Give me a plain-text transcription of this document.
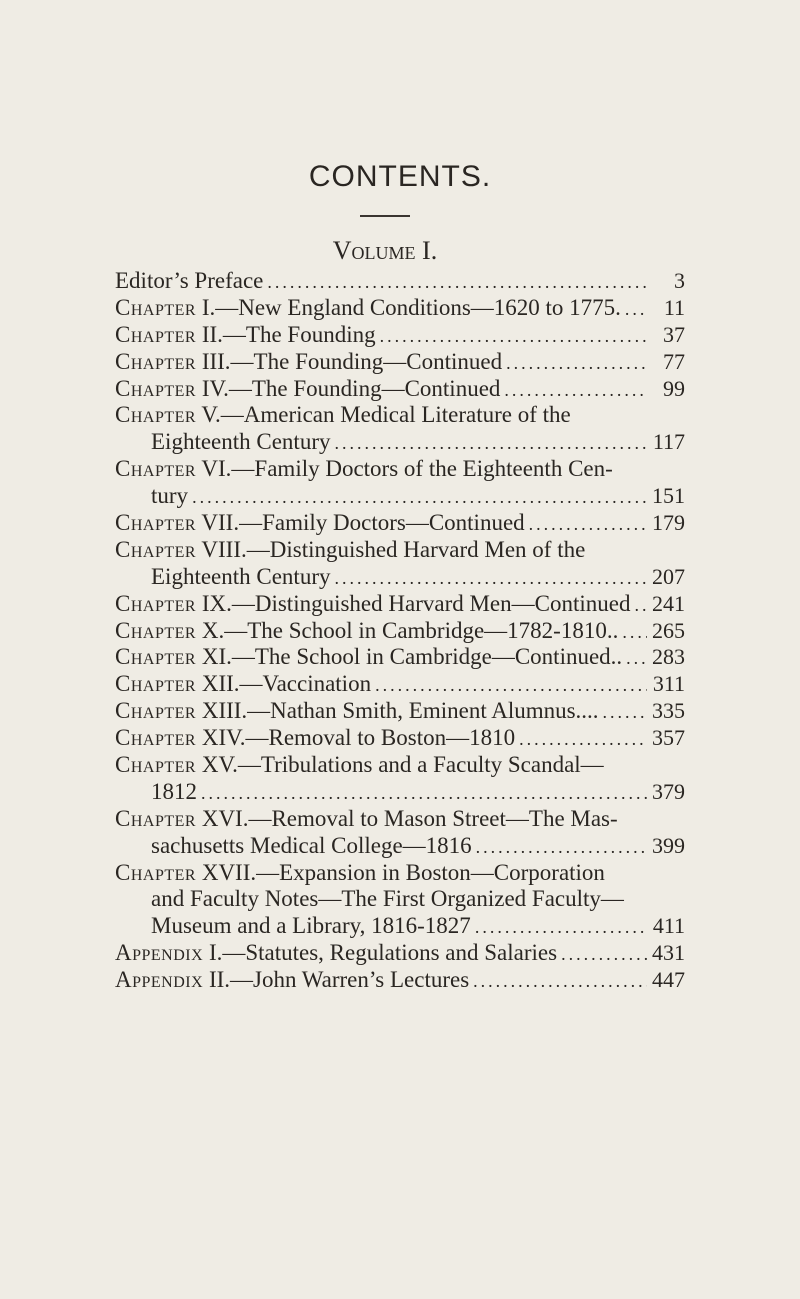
CONTENTS.
Volume I.
Editor’s Preface .....	3
Chapter I.—New England Conditions—1620 to 1775. .....	11
Chapter II.—The Founding .....	37
Chapter III.—The Founding—Continued .....	77
Chapter IV.—The Founding—Continued .....	99
Chapter V.—American Medical Literature of the
Eighteenth Century .....	117
Chapter VI.—Family Doctors of the Eighteenth Cen-
tury .....	151
Chapter VII.—Family Doctors—Continued .....	179
Chapter VIII.—Distinguished Harvard Men of the
Eighteenth Century .....	207
Chapter IX.—Distinguished Harvard Men—Continued ..... 241
Chapter X.—The School in Cambridge—1782-1810.. ..... 265
Chapter XI.—The School in Cambridge—Continued.. ..... 283
Chapter XII.—Vaccination .....	311
Chapter XIII.—Nathan Smith, Eminent Alumnus.... ..... 335
Chapter XIV.—Removal to Boston—1810 .....	357
Chapter XV.—Tribulations and a Faculty Scandal—
1812 .....	379
Chapter XVI.—Removal to Mason Street—The Mas-
sachusetts Medical College—1816 .....	399
Chapter XVII.—Expansion in Boston—Corporation
and Faculty Notes—The First Organized Faculty—
Museum and a Library, 1816-1827 .....	411
Appendix I.—Statutes, Regulations and Salaries .....	431
Appendix II.—John Warren’s Lectures .....	447
